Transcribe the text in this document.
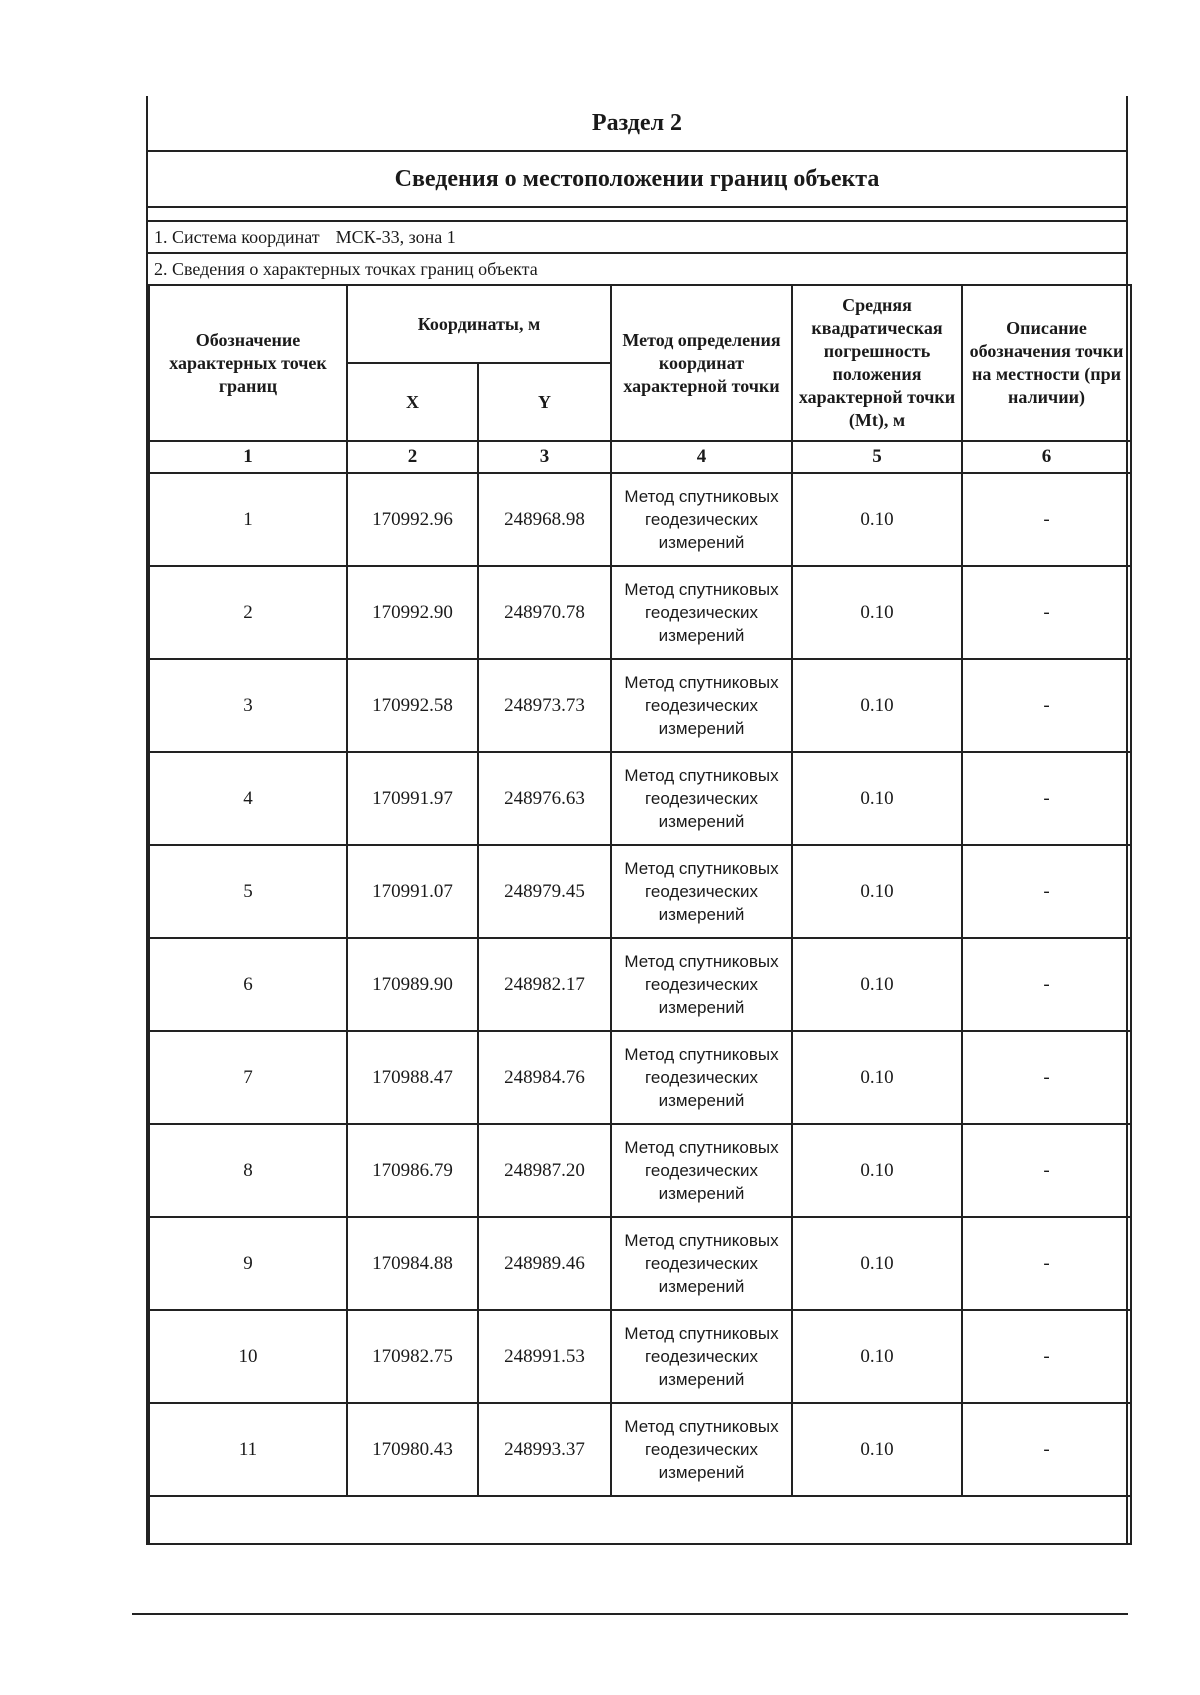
Раздел 2
Сведения о местоположении границ объекта
1. Система координат МСК-33, зона 1
2. Сведения о характерных точках границ объекта
Обозначение характерных точек границ	Координаты, м		Метод определения координат характерной точки	Средняя квадратическая погрешность положения характерной точки (Mt), м	Описание обозначения точки на местности (при наличии)
	X	Y			
1	2	3	4	5	6
1	170992.96	248968.98	Метод спутниковых геодезических измерений	0.10	-
2	170992.90	248970.78	Метод спутниковых геодезических измерений	0.10	-
3	170992.58	248973.73	Метод спутниковых геодезических измерений	0.10	-
4	170991.97	248976.63	Метод спутниковых геодезических измерений	0.10	-
5	170991.07	248979.45	Метод спутниковых геодезических измерений	0.10	-
6	170989.90	248982.17	Метод спутниковых геодезических измерений	0.10	-
7	170988.47	248984.76	Метод спутниковых геодезических измерений	0.10	-
8	170986.79	248987.20	Метод спутниковых геодезических измерений	0.10	-
9	170984.88	248989.46	Метод спутниковых геодезических измерений	0.10	-
10	170982.75	248991.53	Метод спутниковых геодезических измерений	0.10	-
11	170980.43	248993.37	Метод спутниковых геодезических измерений	0.10	-
